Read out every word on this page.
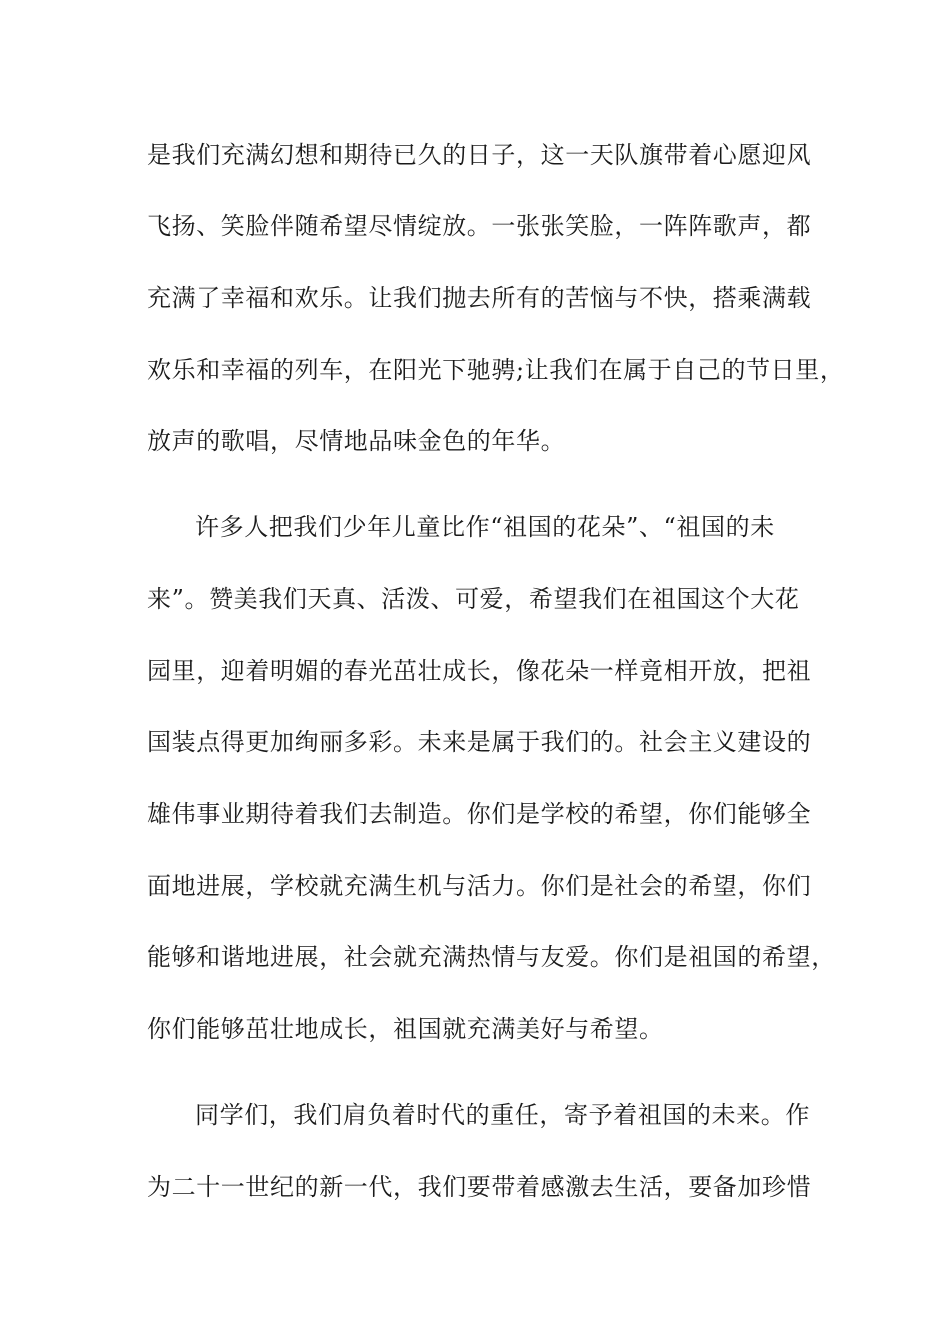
是我们充满幻想和期待已久的日子，这一天队旗带着心愿迎风
飞扬、笑脸伴随希望尽情绽放。一张张笑脸，一阵阵歌声，都
充满了幸福和欢乐。让我们抛去所有的苦恼与不快，搭乘满载
欢乐和幸福的列车，在阳光下驰骋;让我们在属于自己的节日里，
放声的歌唱，尽情地品味金色的年华。
许多人把我们少年儿童比作“祖国的花朵”、“祖国的未
来”。赞美我们天真、活泼、可爱，希望我们在祖国这个大花
园里，迎着明媚的春光茁壮成长，像花朵一样竟相开放，把祖
国装点得更加绚丽多彩。未来是属于我们的。社会主义建设的
雄伟事业期待着我们去制造。你们是学校的希望，你们能够全
面地进展，学校就充满生机与活力。你们是社会的希望，你们
能够和谐地进展，社会就充满热情与友爱。你们是祖国的希望，
你们能够茁壮地成长，祖国就充满美好与希望。
同学们，我们肩负着时代的重任，寄予着祖国的未来。作
为二十一世纪的新一代，我们要带着感激去生活，要备加珍惜
